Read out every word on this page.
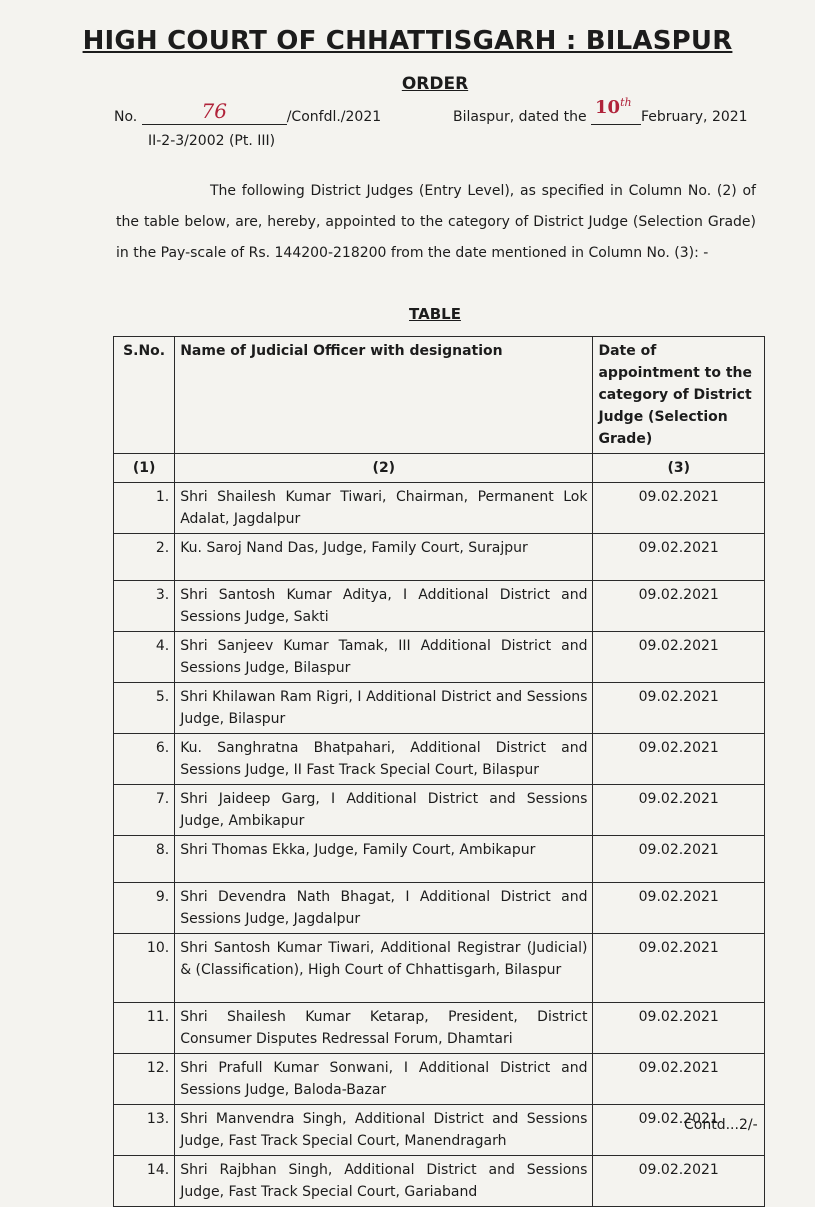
HIGH COURT OF CHHATTISGARH : BILASPUR
ORDER
No.	76	/Confdl./2021	Bilaspur, dated the 10th
February, 2021
II-2-3/2002 (Pt. III)
The following District Judges (Entry Level), as specified in Column No. (2) of the table below, are, hereby, appointed to the category of District Judge (Selection Grade) in the Pay-scale of Rs. 144200-218200 from the date mentioned in Column No. (3): -
TABLE
S.No.	Name of Judicial Officer with designation	Date of appointment to the category of District Judge (Selection Grade)
(1)	(2)	(3)
1.	Shri Shailesh Kumar Tiwari, Chairman, Permanent Lok Adalat, Jagdalpur	09.02.2021
2.	Ku. Saroj Nand Das, Judge, Family Court, Surajpur	09.02.2021
3.	Shri Santosh Kumar Aditya, I Additional District and Sessions Judge, Sakti	09.02.2021
4.	Shri Sanjeev Kumar Tamak, III Additional District and Sessions Judge, Bilaspur	09.02.2021
5.	Shri Khilawan Ram Rigri, I Additional District and Sessions Judge, Bilaspur	09.02.2021
6.	Ku. Sanghratna Bhatpahari, Additional District and Sessions Judge, II Fast Track Special Court, Bilaspur	09.02.2021
7.	Shri Jaideep Garg, I Additional District and Sessions Judge, Ambikapur	09.02.2021
8.	Shri Thomas Ekka, Judge, Family Court, Ambikapur	09.02.2021
9.	Shri Devendra Nath Bhagat, I Additional District and Sessions Judge, Jagdalpur	09.02.2021
10.	Shri Santosh Kumar Tiwari, Additional Registrar (Judicial) & (Classification), High Court of Chhattisgarh, Bilaspur	09.02.2021
11.	Shri Shailesh Kumar Ketarap, President, District Consumer Disputes Redressal Forum, Dhamtari	09.02.2021
12.	Shri Prafull Kumar Sonwani, I Additional District and Sessions Judge, Baloda-Bazar	09.02.2021
13.	Shri Manvendra Singh, Additional District and Sessions Judge, Fast Track Special Court, Manendragarh	09.02.2021
14.	Shri Rajbhan Singh, Additional District and Sessions Judge, Fast Track Special Court, Gariaband	09.02.2021
Contd...2/-
